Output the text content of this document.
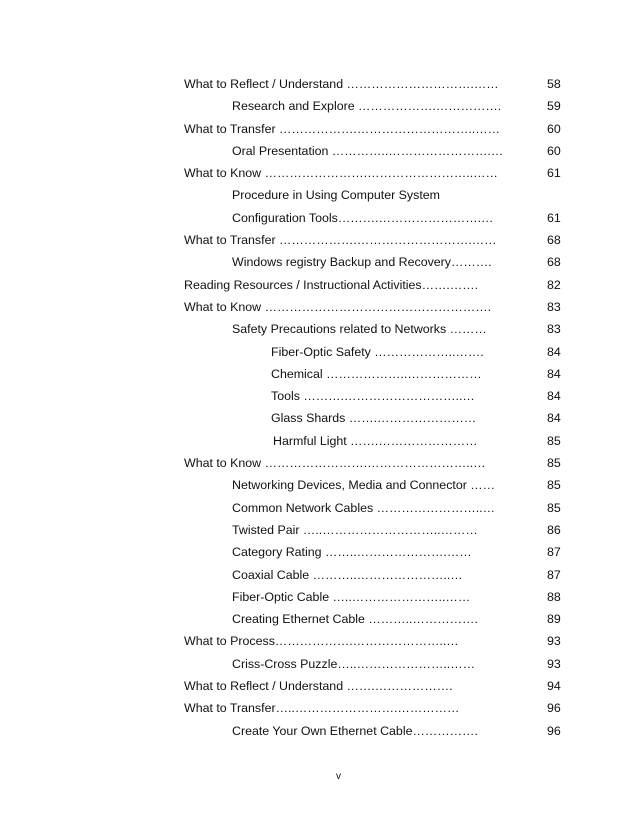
What to Reflect / Understand ………………………….……	58
Research and Explore ……………….…………….	59
What to Transfer ……………….………………………..……	60
Oral Presentation …………..…………………….…	60
What to Know …………………….……………………..……	61
Procedure in Using Computer System
Configuration Tools……….…………………….…	61
What to Transfer ……………….……………………….……	68
Windows registry Backup and Recovery……….	68
Reading Resources / Instructional Activities…….…….	82
What to Know ……………………………………………….	83
Safety Precautions related to Networks ………	83
Fiber-Optic Safety ………………..…….	84
Chemical ………………..………………	84
Tools ……….………………………..…	84
Glass Shards …….……………………	84
Harmful Light …….……………………	85
What to Know …………………….……………………..…	85
Networking Devices, Media and Connector ……	85
Common Network Cables ……………………..…	85
Twisted Pair …..………………………..………	86
Category Rating ……..………………….……	87
Coaxial Cable ………..…………………..…	87
Fiber-Optic Cable …..…………………..……	88
Creating Ethernet Cable ………..…………….	89
What to Process……………….…………………..…	93
Criss-Cross Puzzle…..…………………..……	93
What to Reflect / Understand …….……………….	94
What to Transfer…..…………………….……………	96
Create Your Own Ethernet Cable…………….	96
v
